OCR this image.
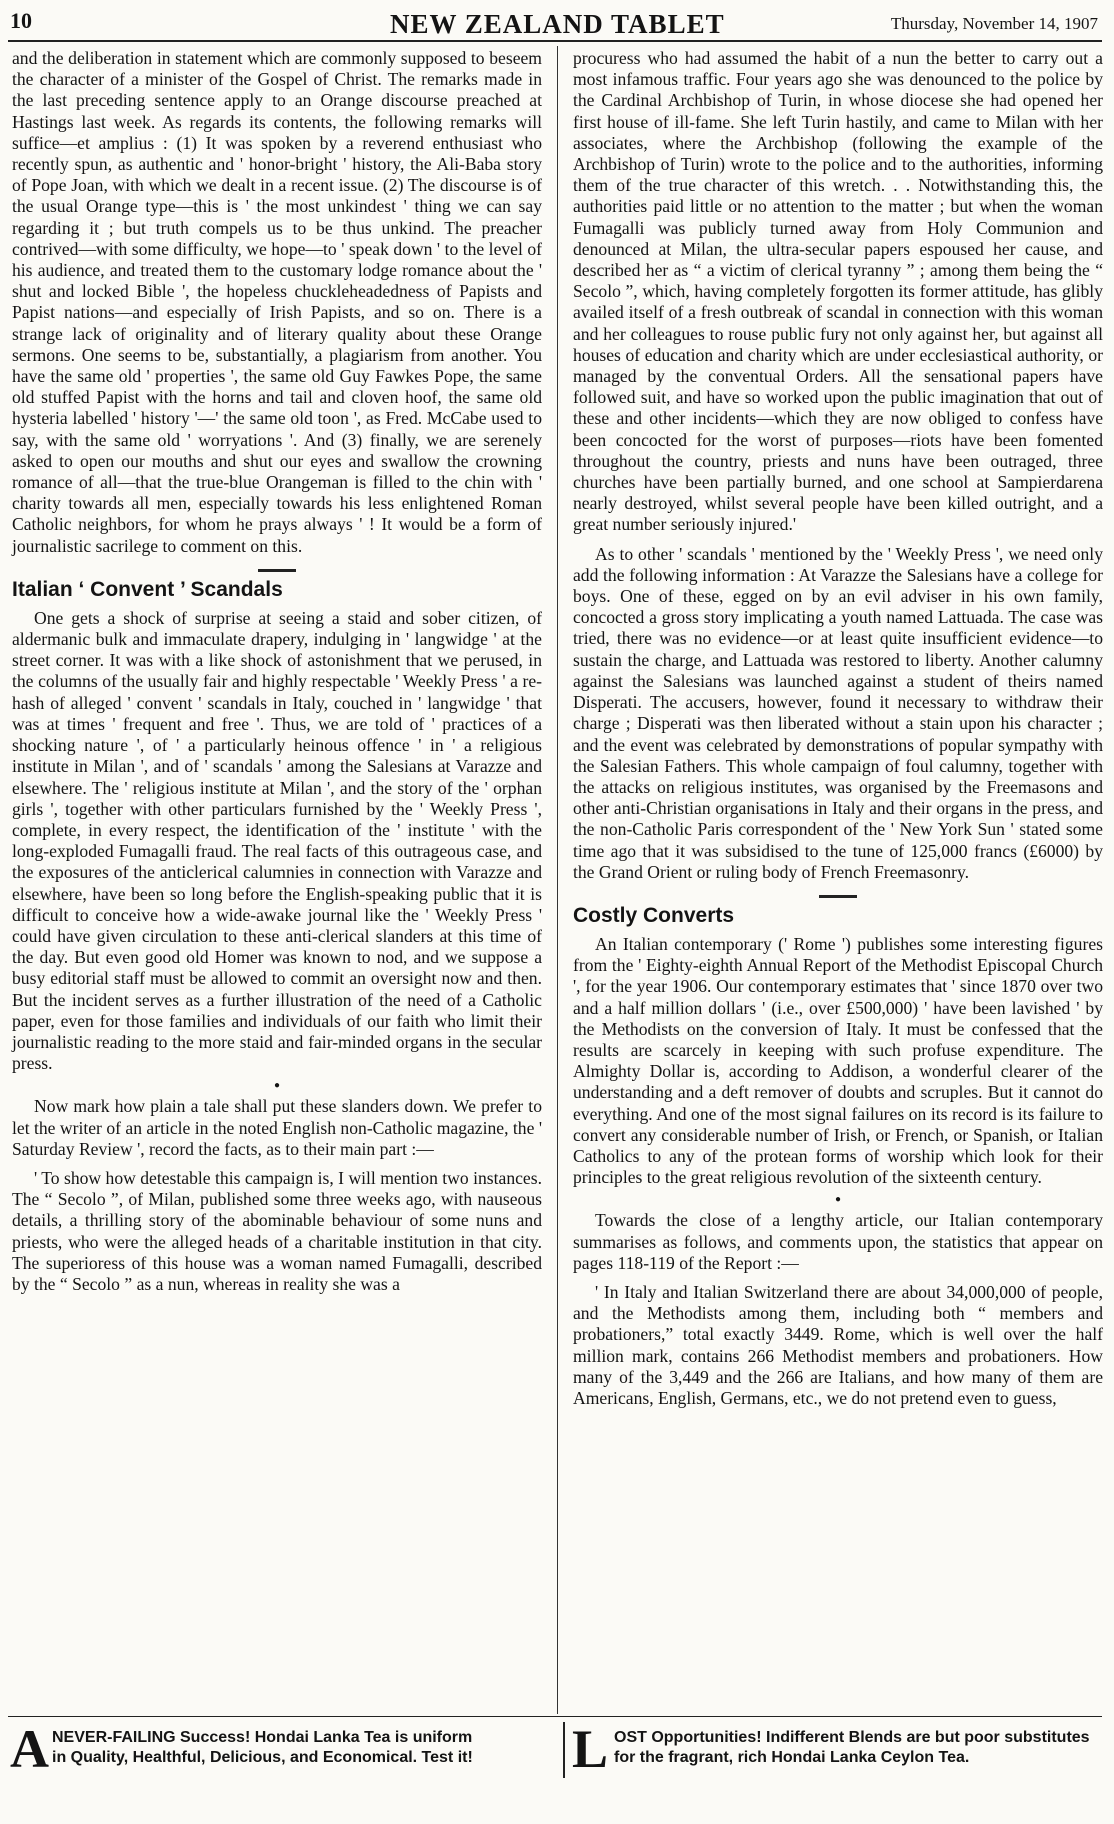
10	NEW ZEALAND TABLET	Thursday, November 14, 1907

and the deliberation in statement which are commonly supposed to beseem the character of a minister of the Gospel of Christ. The remarks made in the last preceding sentence apply to an Orange discourse preached at Hastings last week. As regards its contents, the following remarks will suffice—et amplius : (1) It was spoken by a reverend enthusiast who recently spun, as authentic and ' honor-bright ' history, the Ali-Baba story of Pope Joan, with which we dealt in a recent issue. (2) The discourse is of the usual Orange type—this is ' the most unkindest ' thing we can say regarding it ; but truth compels us to be thus unkind. The preacher contrived—with some difficulty, we hope—to ' speak down ' to the level of his audience, and treated them to the customary lodge romance about the ' shut and locked Bible ', the hopeless chuckleheadedness of Papists and Papist nations—and especially of Irish Papists, and so on. There is a strange lack of originality and of literary quality about these Orange sermons. One seems to be, substantially, a plagiarism from another. You have the same old ' properties ', the same old Guy Fawkes Pope, the same old stuffed Papist with the horns and tail and cloven hoof, the same old hysteria labelled ' history '—' the same old toon ', as Fred. McCabe used to say, with the same old ' worryations '. And (3) finally, we are serenely asked to open our mouths and shut our eyes and swallow the crowning romance of all—that the true-blue Orangeman is filled to the chin with ' charity towards all men, especially towards his less enlightened Roman Catholic neighbors, for whom he prays always ' ! It would be a form of journalistic sacrilege to comment on this.

Italian ‘ Convent ’ Scandals

One gets a shock of surprise at seeing a staid and sober citizen, of aldermanic bulk and immaculate drapery, indulging in ' langwidge ' at the street corner. It was with a like shock of astonishment that we perused, in the columns of the usually fair and highly respectable ' Weekly Press ' a re-hash of alleged ' convent ' scandals in Italy, couched in ' langwidge ' that was at times ' frequent and free '. Thus, we are told of ' practices of a shocking nature ', of ' a particularly heinous offence ' in ' a religious institute in Milan ', and of ' scandals ' among the Salesians at Varazze and elsewhere. The ' religious institute at Milan ', and the story of the ' orphan girls ', together with other particulars furnished by the ' Weekly Press ', complete, in every respect, the identification of the ' institute ' with the long-exploded Fumagalli fraud. The real facts of this outrageous case, and the exposures of the anticlerical calumnies in connection with Varazze and elsewhere, have been so long before the English-speaking public that it is difficult to conceive how a wide-awake journal like the ' Weekly Press ' could have given circulation to these anti-clerical slanders at this time of the day. But even good old Homer was known to nod, and we suppose a busy editorial staff must be allowed to commit an oversight now and then. But the incident serves as a further illustration of the need of a Catholic paper, even for those families and individuals of our faith who limit their journalistic reading to the more staid and fair-minded organs in the secular press.

●

Now mark how plain a tale shall put these slanders down. We prefer to let the writer of an article in the noted English non-Catholic magazine, the ' Saturday Review ', record the facts, as to their main part :—

' To show how detestable this campaign is, I will mention two instances. The “ Secolo ”, of Milan, published some three weeks ago, with nauseous details, a thrilling story of the abominable behaviour of some nuns and priests, who were the alleged heads of a charitable institution in that city. The superioress of this house was a woman named Fumagalli, described by the “ Secolo ” as a nun, whereas in reality she was a

procuress who had assumed the habit of a nun the better to carry out a most infamous traffic. Four years ago she was denounced to the police by the Cardinal Archbishop of Turin, in whose diocese she had opened her first house of ill-fame. She left Turin hastily, and came to Milan with her associates, where the Archbishop (following the example of the Archbishop of Turin) wrote to the police and to the authorities, informing them of the true character of this wretch. . . Notwithstanding this, the authorities paid little or no attention to the matter ; but when the woman Fumagalli was publicly turned away from Holy Communion and denounced at Milan, the ultra-secular papers espoused her cause, and described her as “ a victim of clerical tyranny ” ; among them being the “ Secolo ”, which, having completely forgotten its former attitude, has glibly availed itself of a fresh outbreak of scandal in connection with this woman and her colleagues to rouse public fury not only against her, but against all houses of education and charity which are under ecclesiastical authority, or managed by the conventual Orders. All the sensational papers have followed suit, and have so worked upon the public imagination that out of these and other incidents—which they are now obliged to confess have been concocted for the worst of purposes—riots have been fomented throughout the country, priests and nuns have been outraged, three churches have been partially burned, and one school at Sampierdarena nearly destroyed, whilst several people have been killed outright, and a great number seriously injured.'

As to other ' scandals ' mentioned by the ' Weekly Press ', we need only add the following information : At Varazze the Salesians have a college for boys. One of these, egged on by an evil adviser in his own family, concocted a gross story implicating a youth named Lattuada. The case was tried, there was no evidence—or at least quite insufficient evidence—to sustain the charge, and Lattuada was restored to liberty. Another calumny against the Salesians was launched against a student of theirs named Disperati. The accusers, however, found it necessary to withdraw their charge ; Disperati was then liberated without a stain upon his character ; and the event was celebrated by demonstrations of popular sympathy with the Salesian Fathers. This whole campaign of foul calumny, together with the attacks on religious institutes, was organised by the Freemasons and other anti-Christian organisations in Italy and their organs in the press, and the non-Catholic Paris correspondent of the ' New York Sun ' stated some time ago that it was subsidised to the tune of 125,000 francs (£6000) by the Grand Orient or ruling body of French Freemasonry.

Costly Converts

An Italian contemporary (' Rome ') publishes some interesting figures from the ' Eighty-eighth Annual Report of the Methodist Episcopal Church ', for the year 1906. Our contemporary estimates that ' since 1870 over two and a half million dollars ' (i.e., over £500,000) ' have been lavished ' by the Methodists on the conversion of Italy. It must be confessed that the results are scarcely in keeping with such profuse expenditure. The Almighty Dollar is, according to Addison, a wonderful clearer of the understanding and a deft remover of doubts and scruples. But it cannot do everything. And one of the most signal failures on its record is its failure to convert any considerable number of Irish, or French, or Spanish, or Italian Catholics to any of the protean forms of worship which look for their principles to the great religious revolution of the sixteenth century.

●

Towards the close of a lengthy article, our Italian contemporary summarises as follows, and comments upon, the statistics that appear on pages 118-119 of the Report :—

' In Italy and Italian Switzerland there are about 34,000,000 of people, and the Methodists among them, including both “ members and probationers,” total exactly 3449. Rome, which is well over the half million mark, contains 266 Methodist members and probationers. How many of the 3,449 and the 266 are Italians, and how many of them are Americans, English, Germans, etc., we do not pretend even to guess,

A NEVER-FAILING Success! Hondai Lanka Tea is uniform
in Quality, Healthful, Delicious, and Economical. Test it! L OST Opportunities! Indifferent Blends are but poor substitutes
for the fragrant, rich Hondai Lanka Ceylon Tea.
